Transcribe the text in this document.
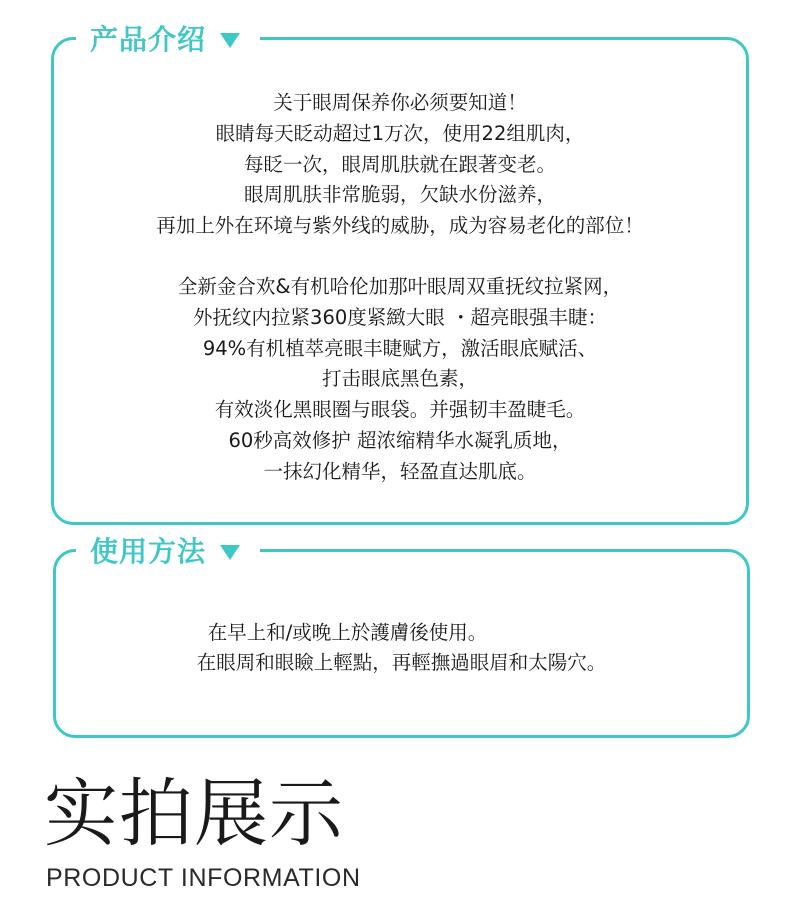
产品介绍
关于眼周保养你必须要知道！
眼睛每天眨动超过1万次，使用22组肌肉，
每眨一次，眼周肌肤就在跟著变老。
眼周肌肤非常脆弱，欠缺水份滋养，
再加上外在环境与紫外线的威胁，成为容易老化的部位！
全新金合欢&有机哈伦加那叶眼周双重抚纹拉紧网，
外抚纹内拉紧360度紧緻大眼 ・超亮眼强丰睫：
94%有机植萃亮眼丰睫赋方，激活眼底赋活、
打击眼底黑色素，
有效淡化黑眼圈与眼袋。并强韧丰盈睫毛。
60秒高效修护 超浓缩精华水凝乳质地，
一抹幻化精华，轻盈直达肌底。
使用方法
在早上和/或晚上於護膚後使用。
在眼周和眼瞼上輕點，再輕撫過眼眉和太陽穴。
实拍展示
PRODUCT INFORMATION
